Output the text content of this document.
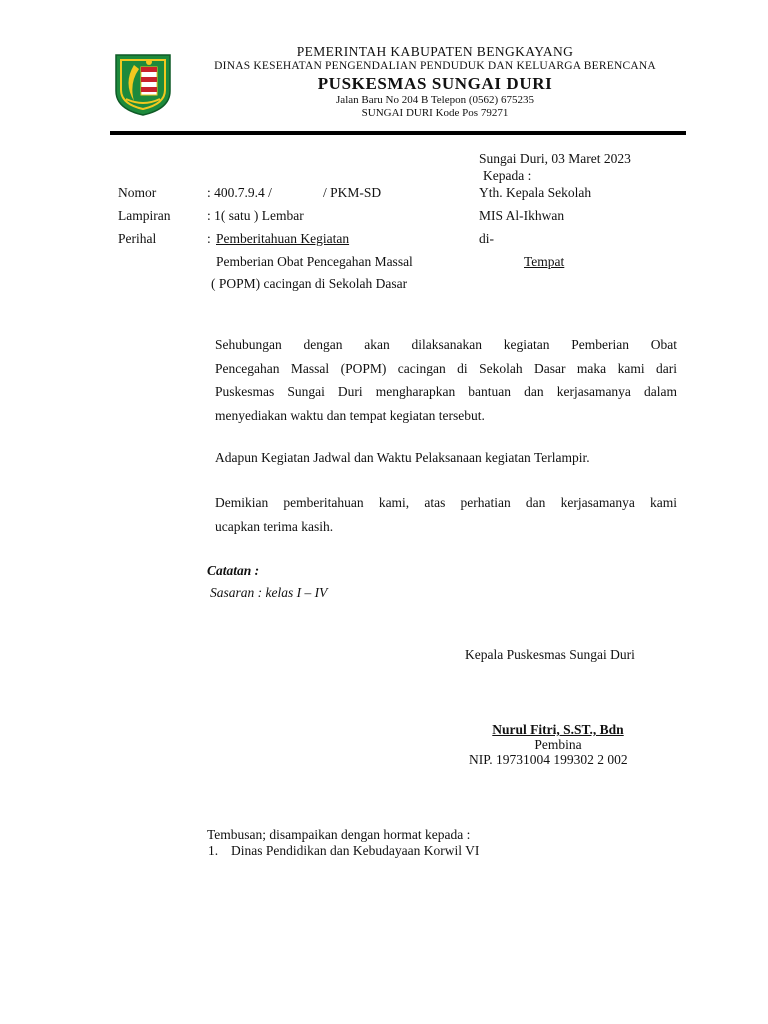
PEMERINTAH KABUPATEN BENGKAYANG
DINAS KESEHATAN PENGENDALIAN PENDUDUK DAN KELUARGA BERENCANA
PUSKESMAS SUNGAI DURI
Jalan Baru No 204 B Telepon (0562) 675235
SUNGAI DURI Kode Pos 79271
Sungai Duri, 03 Maret 2023
Kepada :
Yth. Kepala Sekolah
MIS Al-Ikhwan
di-
Tempat
Nomor	: 400.7.9.4 /	/ PKM-SD
Lampiran	: 1( satu ) Lembar
Perihal	: Pemberitahuan Kegiatan
Pemberian Obat Pencegahan Massal
( POPM) cacingan di Sekolah Dasar
Sehubungan dengan akan dilaksanakan kegiatan Pemberian Obat
Pencegahan Massal (POPM) cacingan di Sekolah Dasar maka kami dari
Puskesmas Sungai Duri mengharapkan bantuan dan kerjasamanya dalam
menyediakan waktu dan tempat kegiatan tersebut.
Adapun Kegiatan Jadwal dan Waktu Pelaksanaan kegiatan Terlampir.
Demikian pemberitahuan kami, atas perhatian dan kerjasamanya kami
ucapkan terima kasih.
Catatan :
Sasaran : kelas I – IV
Kepala Puskesmas Sungai Duri
Nurul Fitri, S.ST., Bdn
Pembina
NIP. 19731004 199302 2 002
Tembusan; disampaikan dengan hormat kepada :
1. Dinas Pendidikan dan Kebudayaan Korwil VI
